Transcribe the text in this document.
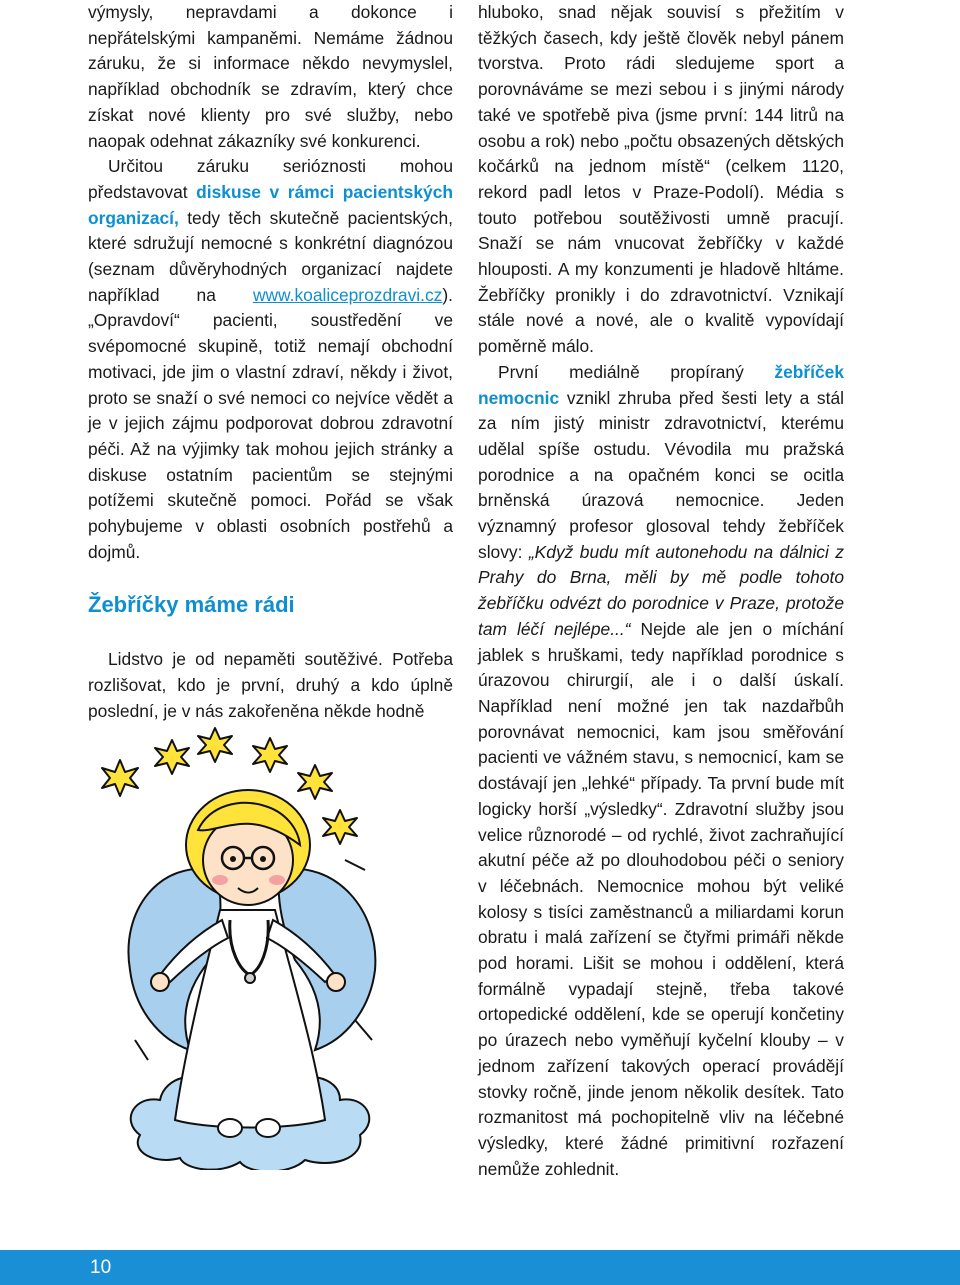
výmysly, nepravdami a dokonce i nepřátelskými kampaněmi. Nemáme žádnou záruku, že si informace někdo nevymyslel, například obchodník se zdravím, který chce získat nové klienty pro své služby, nebo naopak odehnat zákazníky své konkurenci.

Určitou záruku serióznosti mohou představovat diskuse v rámci pacientských organizací, tedy těch skutečně pacientských, které sdružují nemocné s konkrétní diagnózou (seznam důvěryhodných organizací najdete například na www.koaliceprozdravi.cz). „Opravdoví“ pacienti, soustředění ve svépomocné skupině, totiž nemají obchodní motivaci, jde jim o vlastní zdraví, někdy i život, proto se snaží o své nemoci co nejvíce vědět a je v jejich zájmu podporovat dobrou zdravotní péči. Až na výjimky tak mohou jejich stránky a diskuse ostatním pacientům se stejnými potížemi skutečně pomoci. Pořád se však pohybujeme v oblasti osobních postřehů a dojmů.

Žebříčky máme rádi

Lidstvo je od nepaměti soutěživé. Potřeba rozlišovat, kdo je první, druhý a kdo úplně poslední, je v nás zakořeněna někde hodně

hluboko, snad nějak souvisí s přežitím v těžkých časech, kdy ještě člověk nebyl pánem tvorstva. Proto rádi sledujeme sport a porovnáváme se mezi sebou i s jinými národy také ve spotřebě piva (jsme první: 144 litrů na osobu a rok) nebo „počtu obsazených dětských kočárků na jednom místě“ (celkem 1120, rekord padl letos v Praze-Podolí). Média s touto potřebou soutěživosti umně pracují. Snaží se nám vnucovat žebříčky v každé hlouposti. A my konzumenti je hladově hltáme. Žebříčky pronikly i do zdravotnictví. Vznikají stále nové a nové, ale o kvalitě vypovídají poměrně málo.

První mediálně propíraný žebříček nemocnic vznikl zhruba před šesti lety a stál za ním jistý ministr zdravotnictví, kterému udělal spíše ostudu. Vévodila mu pražská porodnice a na opačném konci se ocitla brněnská úrazová nemocnice. Jeden významný profesor glosoval tehdy žebříček slovy: „Když budu mít autonehodu na dálnici z Prahy do Brna, měli by mě podle tohoto žebříčku odvézt do porodnice v Praze, protože tam léčí nejlépe...“ Nejde ale jen o míchání jablek s hruškami, tedy například porodnice s úrazovou chirurgií, ale i o další úskalí. Například není možné jen tak nazdařbůh porovnávat nemocnici, kam jsou směřování pacienti ve vážném stavu, s nemocnicí, kam se dostávají jen „lehké“ případy. Ta první bude mít logicky horší „výsledky“. Zdravotní služby jsou velice různorodé – od rychlé, život zachraňující akutní péče až po dlouhodobou péči o seniory v léčebnách. Nemocnice mohou být veliké kolosy s tisíci zaměstnanců a miliardami korun obratu i malá zařízení se čtyřmi primáři někde pod horami. Lišit se mohou i oddělení, která formálně vypadají stejně, třeba takové ortopedické oddělení, kde se operují končetiny po úrazech nebo vyměňují kyčelní klouby – v jednom zařízení takových operací provádějí stovky ročně, jinde jenom několik desítek. Tato rozmanitost má pochopitelně vliv na léčebné výsledky, které žádné primitivní rozřazení nemůže zohlednit.

10
